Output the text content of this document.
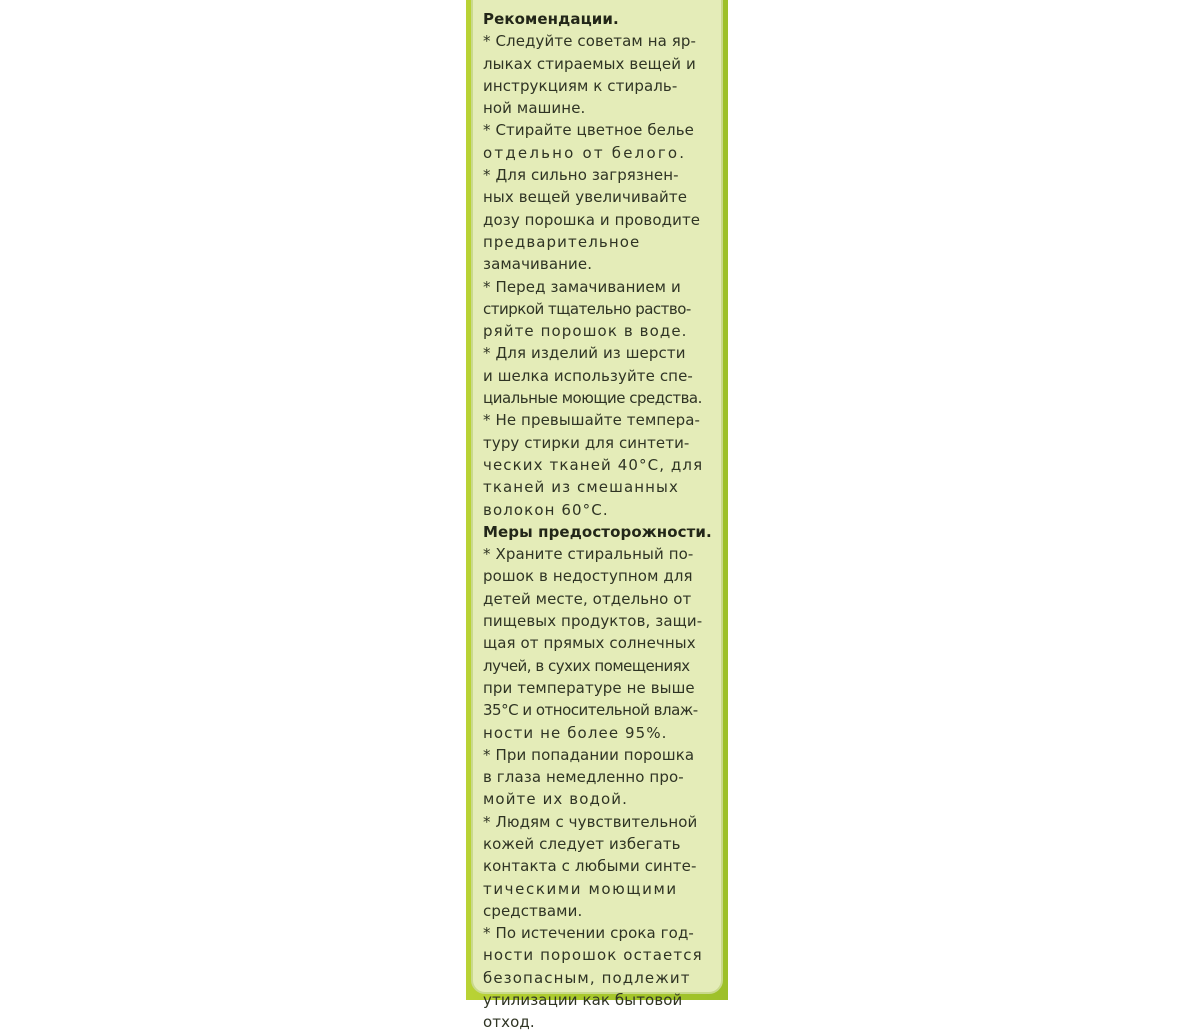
Рекомендации.
* Следуйте советам на яр-
лыках стираемых вещей и
инструкциям к стираль-
ной машине.
* Стирайте цветное белье
отдельно от белого.
* Для сильно загрязнен-
ных вещей увеличивайте
дозу порошка и проводите
предварительное
замачивание.
* Перед замачиванием и
стиркой тщательно раство-
ряйте порошок в воде.
* Для изделий из шерсти
и шелка используйте спе-
циальные моющие средства.
* Не превышайте темпера-
туру стирки для синтети-
ческих тканей 40°С, для
тканей из смешанных
волокон 60°С.
Меры предосторожности.
* Храните стиральный по-
рошок в недоступном для
детей месте, отдельно от
пищевых продуктов, защи-
щая от прямых солнечных
лучей, в сухих помещениях
при температуре не выше
35°С и относительной влаж-
ности не более 95%.
* При попадании порошка
в глаза немедленно про-
мойте их водой.
* Людям с чувствительной
кожей следует избегать
контакта с любыми синте-
тическими моющими
средствами.
* По истечении срока год-
ности порошок остается
безопасным, подлежит
утилизации как бытовой
отход.
